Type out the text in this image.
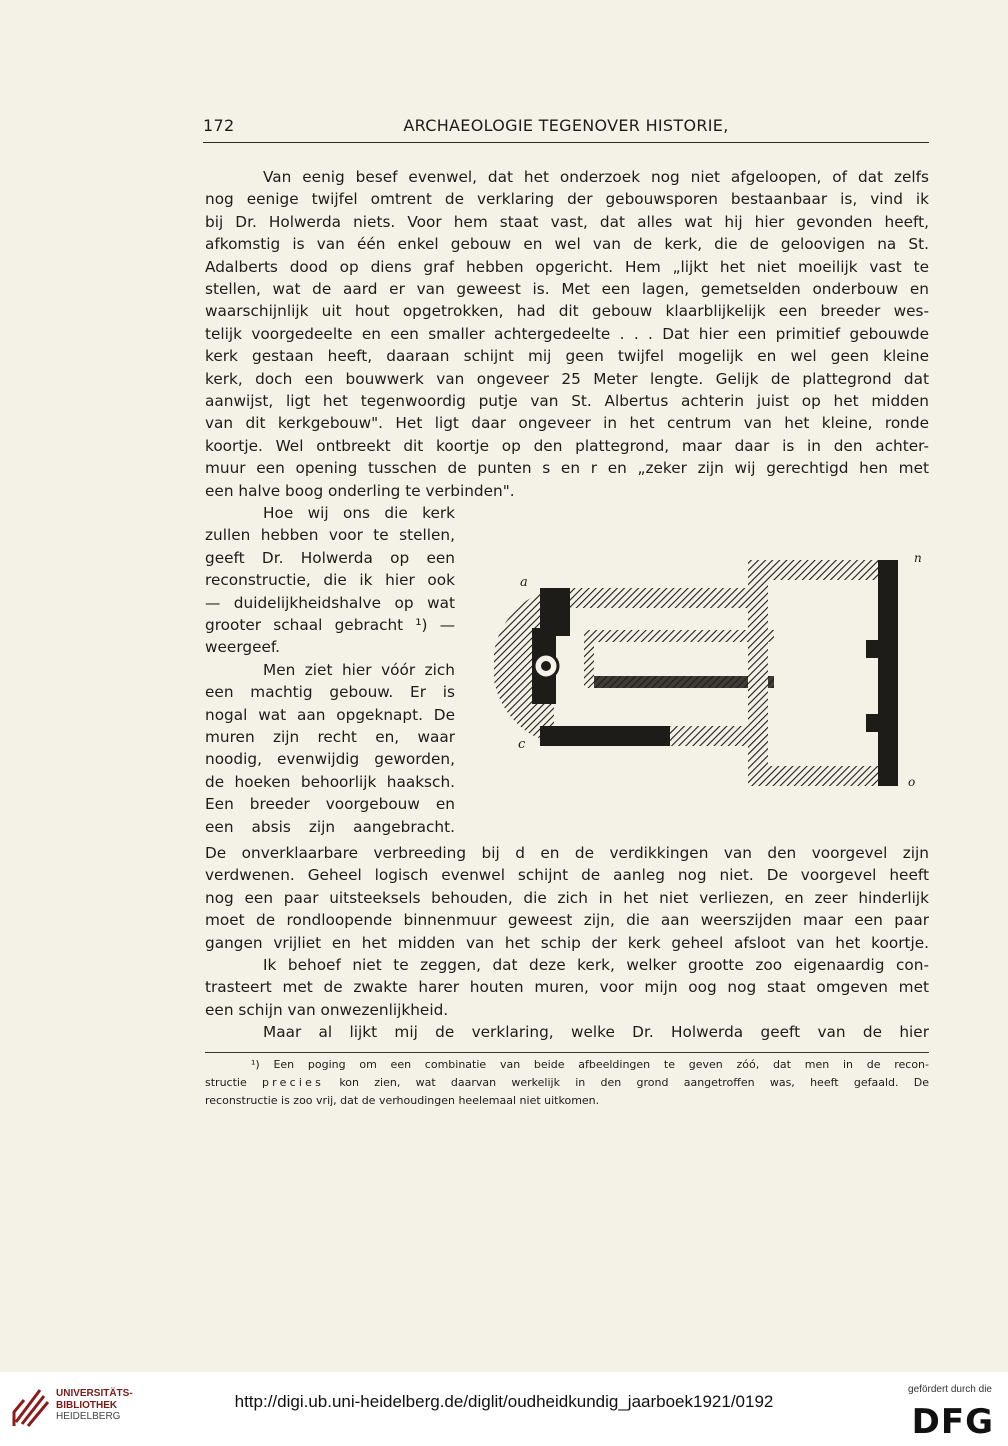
172	ARCHAEOLOGIE TEGENOVER HISTORIE,

Van eenig besef evenwel, dat het onderzoek nog niet afgeloopen, of dat zelfs

nog eenige twijfel omtrent de verklaring der gebouwsporen bestaanbaar is, vind ik

bij Dr. Holwerda niets. Voor hem staat vast, dat alles wat hij hier gevonden heeft,

afkomstig is van één enkel gebouw en wel van de kerk, die de geloovigen na St.

Adalberts dood op diens graf hebben opgericht. Hem „lijkt het niet moeilijk vast te

stellen, wat de aard er van geweest is. Met een lagen, gemetselden onderbouw en

waarschijnlijk uit hout opgetrokken, had dit gebouw klaarblijkelijk een breeder wes-

telijk voorgedeelte en een smaller achtergedeelte . . . Dat hier een primitief gebouwde

kerk gestaan heeft, daaraan schijnt mij geen twijfel mogelijk en wel geen kleine

kerk, doch een bouwwerk van ongeveer 25 Meter lengte. Gelijk de plattegrond dat

aanwijst, ligt het tegenwoordig putje van St. Albertus achterin juist op het midden

van dit kerkgebouw". Het ligt daar ongeveer in het centrum van het kleine, ronde

koortje. Wel ontbreekt dit koortje op den plattegrond, maar daar is in den achter-

muur een opening tusschen de punten s en r en „zeker zijn wij gerechtigd hen met

een halve boog onderling te verbinden".

Hoe wij ons die kerk

zullen hebben voor te stellen,

geeft Dr. Holwerda op een

reconstructie, die ik hier ook

— duidelijkheidshalve op wat

grooter schaal gebracht ¹) —

weergeef.

Men ziet hier vóór zich

een machtig gebouw. Er is

nogal wat aan opgeknapt. De

muren zijn recht en, waar

noodig, evenwijdig geworden,

de hoeken behoorlijk haaksch.

Een breeder voorgebouw en

een absis zijn aangebracht.

a
c
n
o

De onverklaarbare verbreeding bij d en de verdikkingen van den voorgevel zijn

verdwenen. Geheel logisch evenwel schijnt de aanleg nog niet. De voorgevel heeft

nog een paar uitsteeksels behouden, die zich in het niet verliezen, en zeer hinderlijk

moet de rondloopende binnenmuur geweest zijn, die aan weerszijden maar een paar

gangen vrijliet en het midden van het schip der kerk geheel afsloot van het koortje.

Ik behoef niet te zeggen, dat deze kerk, welker grootte zoo eigenaardig con-

trasteert met de zwakte harer houten muren, voor mijn oog nog staat omgeven met

een schijn van onwezenlijkheid.

Maar al lijkt mij de verklaring, welke Dr. Holwerda geeft van de hier

¹) Een poging om een combinatie van beide afbeeldingen te geven zóó, dat men in de recon-

structie precies kon zien, wat daarvan werkelijk in den grond aangetroffen was, heeft gefaald. De

reconstructie is zoo vrij, dat de verhoudingen heelemaal niet uitkomen.

UNIVERSITÄTS-
BIBLIOTHEK
HEIDELBERG
http://digi.ub.uni-heidelberg.de/diglit/oudheidkundig_jaarboek1921/0192
gefördert durch die
DFG
